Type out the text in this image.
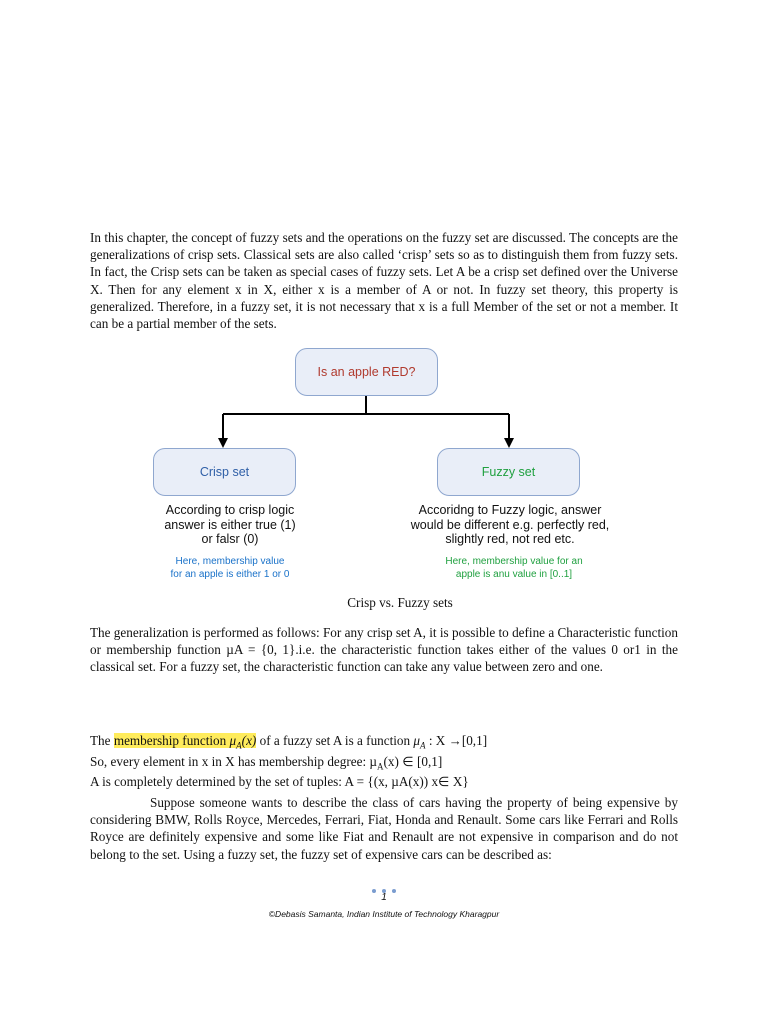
In this chapter, the concept of fuzzy sets and the operations on the fuzzy set are discussed. The concepts are the generalizations of crisp sets. Classical sets are also called ‘crisp’ sets so as to distinguish them from fuzzy sets. In fact, the Crisp sets can be taken as special cases of fuzzy sets. Let A be a crisp set defined over the Universe X. Then for any element x in X, either x is a member of A or not. In fuzzy set theory, this property is generalized. Therefore, in a fuzzy set, it is not necessary that x is a full Member of the set or not a member. It can be a partial member of the sets.

Is an apple RED?
Crisp set	Fuzzy set
According to crisp logic
answer is either true (1)
or falsr (0)
Accoridng to Fuzzy logic, answer
would be different e.g. perfectly red,
slightly red, not red etc.
Here, membership value
for an apple is either 1 or 0
Here, membership value for an
apple is anu value in [0..1]
Crisp vs. Fuzzy sets

The generalization is performed as follows: For any crisp set A, it is possible to define a Characteristic function or membership function µA = {0, 1}.i.e. the characteristic function takes either of the values 0 or1 in the classical set. For a fuzzy set, the characteristic function can take any value between zero and one.

The membership function $\mu_A(x)$ of a fuzzy set A is a function $\mu_A$ : X →[0,1]
So, every element in x in X has membership degree: µ$_A$(x) ∈ [0,1]
A is completely determined by the set of tuples: A = {(x, µA(x)) x∈ X}

Suppose someone wants to describe the class of cars having the property of being expensive by considering BMW, Rolls Royce, Mercedes, Ferrari, Fiat, Honda and Renault. Some cars like Ferrari and Rolls Royce are definitely expensive and some like Fiat and Renault are not expensive in comparison and do not belong to the set. Using a fuzzy set, the fuzzy set of expensive cars can be described as:

1
©Debasis Samanta, Indian Institute of Technology Kharagpur
